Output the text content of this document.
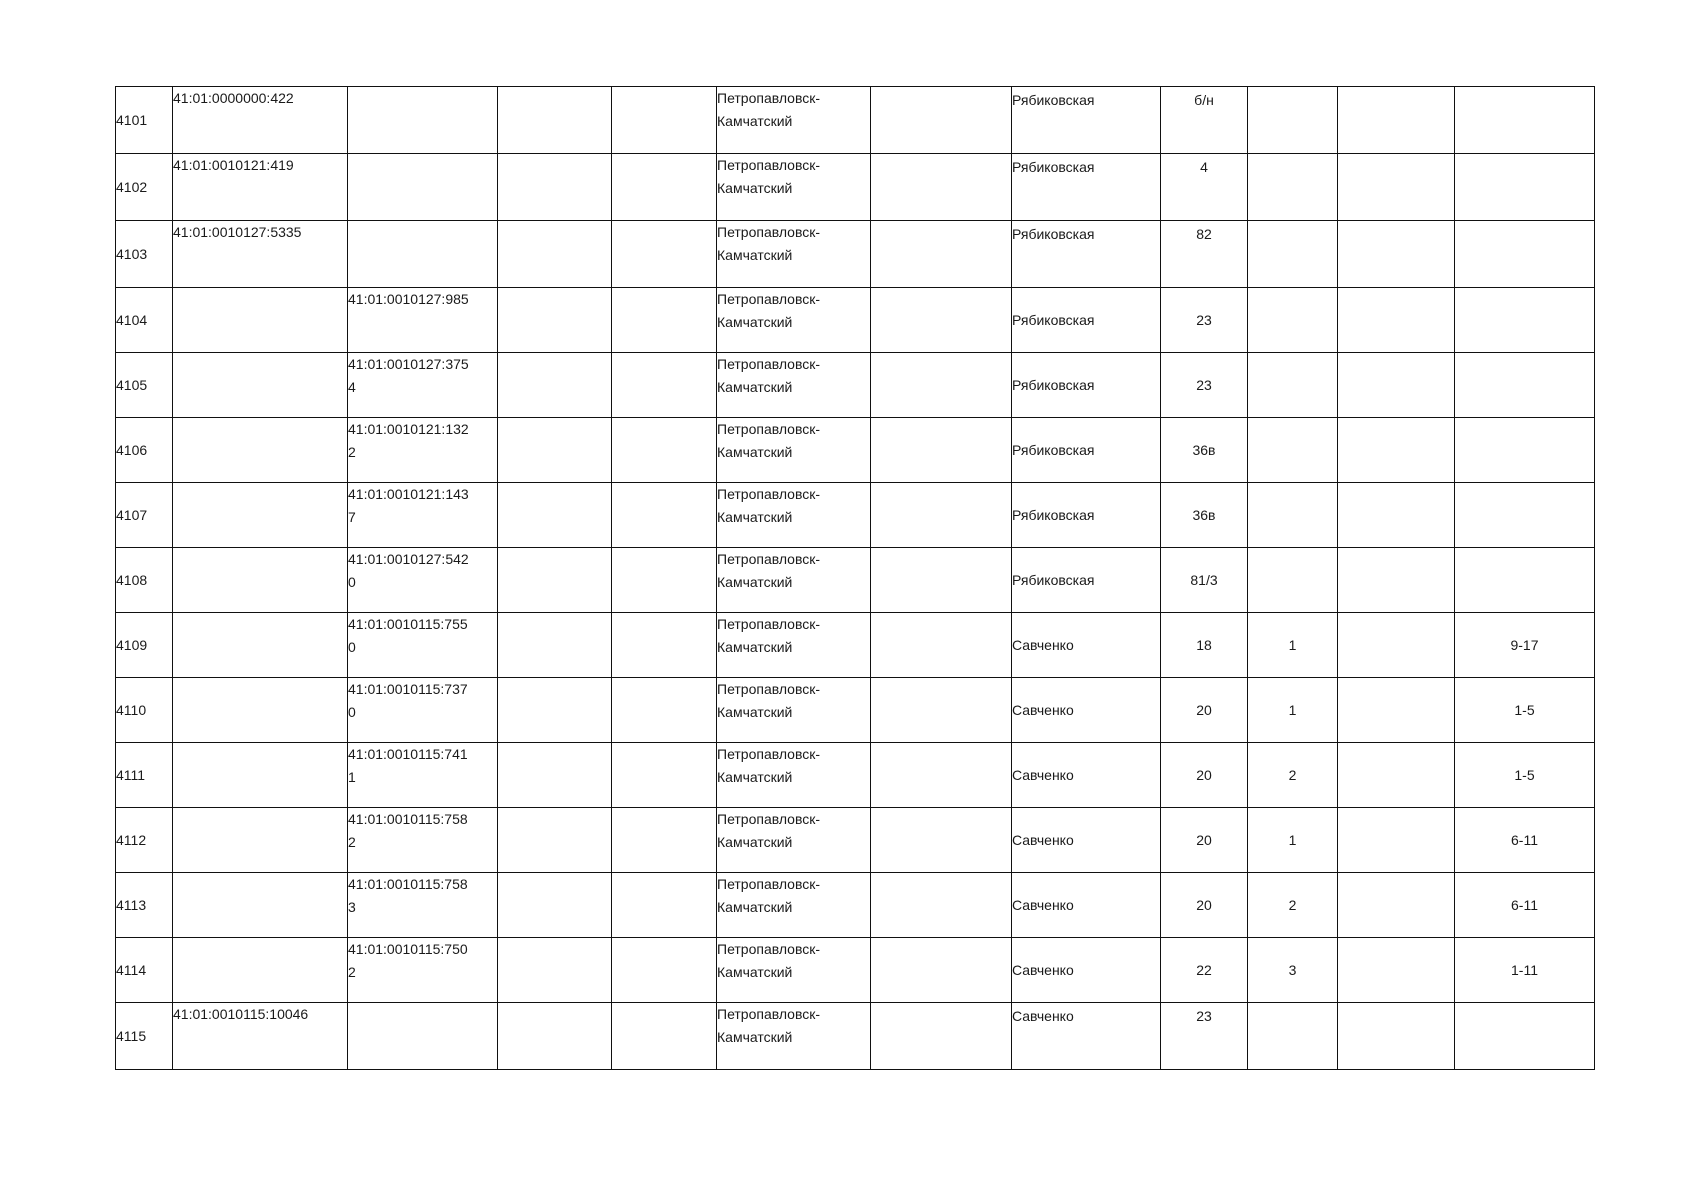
4101	41:01:0000000:422				Петропавловск-Камчатский		Рябиковская	б/н			
4102	41:01:0010121:419				Петропавловск-Камчатский		Рябиковская	4			
4103	41:01:0010127:5335				Петропавловск-Камчатский		Рябиковская	82			
4104		41:01:0010127:985			Петропавловск-Камчатский		Рябиковская	23			
4105		41:01:0010127:3754			Петропавловск-Камчатский		Рябиковская	23			
4106		41:01:0010121:1322			Петропавловск-Камчатский		Рябиковская	36в			
4107		41:01:0010121:1437			Петропавловск-Камчатский		Рябиковская	36в			
4108		41:01:0010127:5420			Петропавловск-Камчатский		Рябиковская	81/3			
4109		41:01:0010115:7550			Петропавловск-Камчатский		Савченко	18	1		9-17
4110		41:01:0010115:7370			Петропавловск-Камчатский		Савченко	20	1		1-5
4111		41:01:0010115:7411			Петропавловск-Камчатский		Савченко	20	2		1-5
4112		41:01:0010115:7582			Петропавловск-Камчатский		Савченко	20	1		6-11
4113		41:01:0010115:7583			Петропавловск-Камчатский		Савченко	20	2		6-11
4114		41:01:0010115:7502			Петропавловск-Камчатский		Савченко	22	3		1-11
4115	41:01:0010115:10046				Петропавловск-Камчатский		Савченко	23			
